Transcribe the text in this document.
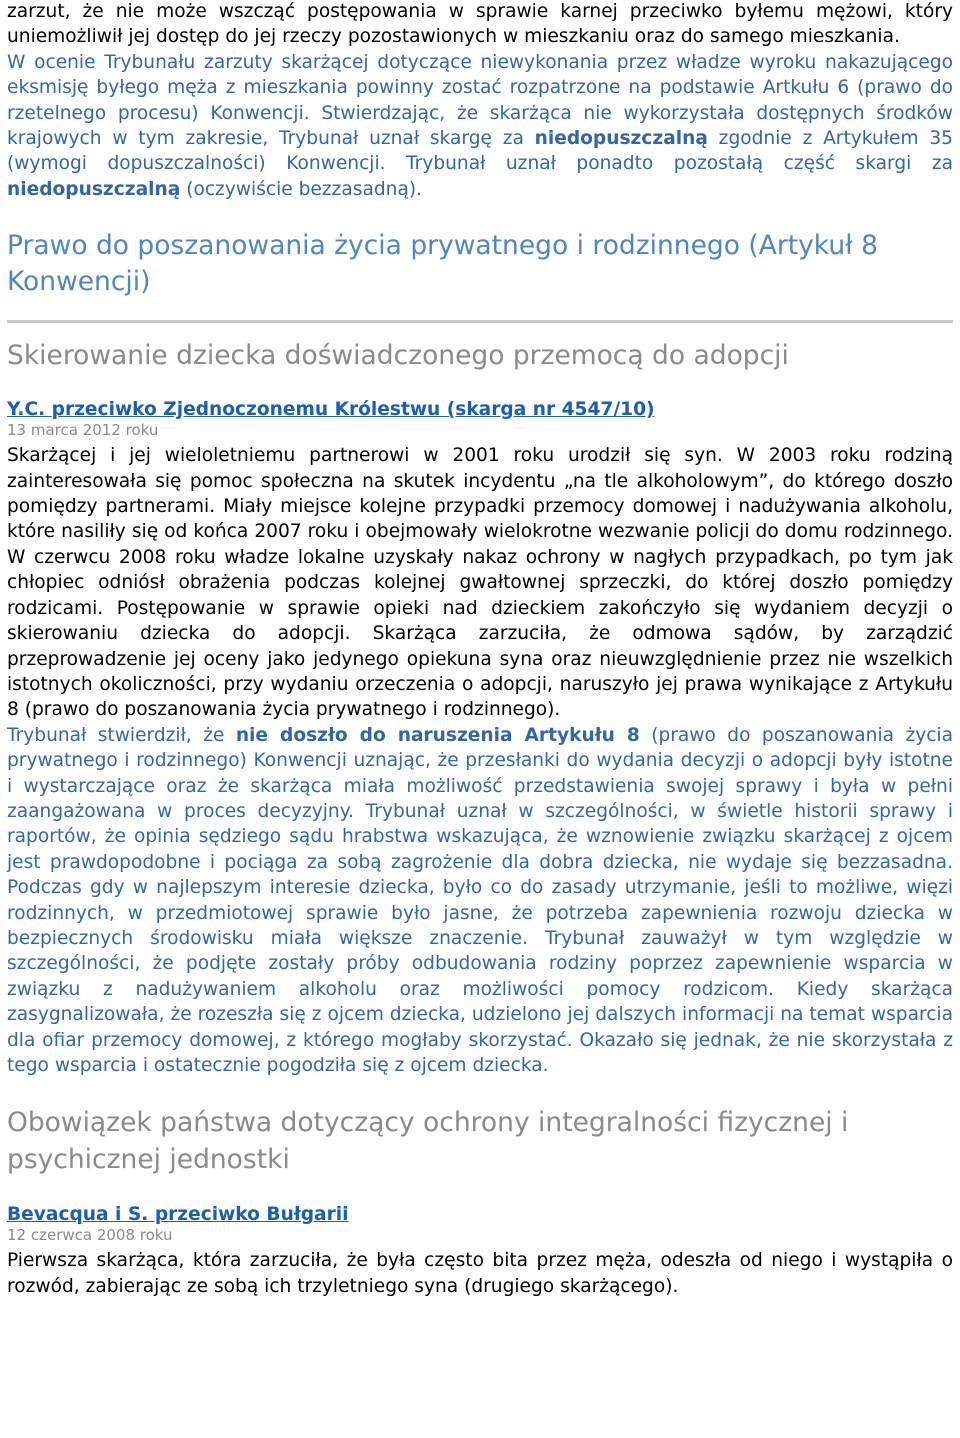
zarzut, że nie może wszcząć postępowania w sprawie karnej przeciwko byłemu mężowi, który uniemożliwił jej dostęp do jej rzeczy pozostawionych w mieszkaniu oraz do samego mieszkania.

W ocenie Trybunału zarzuty skarżącej dotyczące niewykonania przez władze wyroku nakazującego eksmisję byłego męża z mieszkania powinny zostać rozpatrzone na podstawie Artkułu 6 (prawo do rzetelnego procesu) Konwencji. Stwierdzając, że skarżąca nie wykorzystała dostępnych środków krajowych w tym zakresie, Trybunał uznał skargę za niedopuszczalną zgodnie z Artykułem 35 (wymogi dopuszczalności) Konwencji. Trybunał uznał ponadto pozostałą część skargi za niedopuszczalną (oczywiście bezzasadną).

Prawo do poszanowania życia prywatnego i rodzinnego (Artykuł 8 Konwencji)
Skierowanie dziecka doświadczonego przemocą do adopcji

Y.C. przeciwko Zjednoczonemu Królestwu (skarga nr 4547/10)

13 marca 2012 roku

Skarżącej i jej wieloletniemu partnerowi w 2001 roku urodził się syn. W 2003 roku rodziną zainteresowała się pomoc społeczna na skutek incydentu „na tle alkoholowym”, do którego doszło pomiędzy partnerami. Miały miejsce kolejne przypadki przemocy domowej i nadużywania alkoholu, które nasiliły się od końca 2007 roku i obejmowały wielokrotne wezwanie policji do domu rodzinnego. W czerwcu 2008 roku władze lokalne uzyskały nakaz ochrony w nagłych przypadkach, po tym jak chłopiec odniósł obrażenia podczas kolejnej gwałtownej sprzeczki, do której doszło pomiędzy rodzicami. Postępowanie w sprawie opieki nad dzieckiem zakończyło się wydaniem decyzji o skierowaniu dziecka do adopcji. Skarżąca zarzuciła, że odmowa sądów, by zarządzić przeprowadzenie jej oceny jako jedynego opiekuna syna oraz nieuwzględnienie przez nie wszelkich istotnych okoliczności, przy wydaniu orzeczenia o adopcji, naruszyło jej prawa wynikające z Artykułu 8 (prawo do poszanowania życia prywatnego i rodzinnego).

Trybunał stwierdził, że nie doszło do naruszenia Artykułu 8 (prawo do poszanowania życia prywatnego i rodzinnego) Konwencji uznając, że przesłanki do wydania decyzji o adopcji były istotne i wystarczające oraz że skarżąca miała możliwość przedstawienia swojej sprawy i była w pełni zaangażowana w proces decyzyjny. Trybunał uznał w szczególności, w świetle historii sprawy i raportów, że opinia sędziego sądu hrabstwa wskazująca, że wznowienie związku skarżącej z ojcem jest prawdopodobne i pociąga za sobą zagrożenie dla dobra dziecka, nie wydaje się bezzasadna. Podczas gdy w najlepszym interesie dziecka, było co do zasady utrzymanie, jeśli to możliwe, więzi rodzinnych, w przedmiotowej sprawie było jasne, że potrzeba zapewnienia rozwoju dziecka w bezpiecznych środowisku miała większe znaczenie. Trybunał zauważył w tym względzie w szczególności, że podjęte zostały próby odbudowania rodziny poprzez zapewnienie wsparcia w związku z nadużywaniem alkoholu oraz możliwości pomocy rodzicom. Kiedy skarżąca zasygnalizowała, że rozeszła się z ojcem dziecka, udzielono jej dalszych informacji na temat wsparcia dla ofiar przemocy domowej, z którego mogłaby skorzystać. Okazało się jednak, że nie skorzystała z tego wsparcia i ostatecznie pogodziła się z ojcem dziecka.

Obowiązek państwa dotyczący ochrony integralności fizycznej i psychicznej jednostki

Bevacqua i S. przeciwko Bułgarii

12 czerwca 2008 roku

Pierwsza skarżąca, która zarzuciła, że była często bita przez męża, odeszła od niego i wystąpiła o rozwód, zabierając ze sobą ich trzyletniego syna (drugiego skarżącego).
